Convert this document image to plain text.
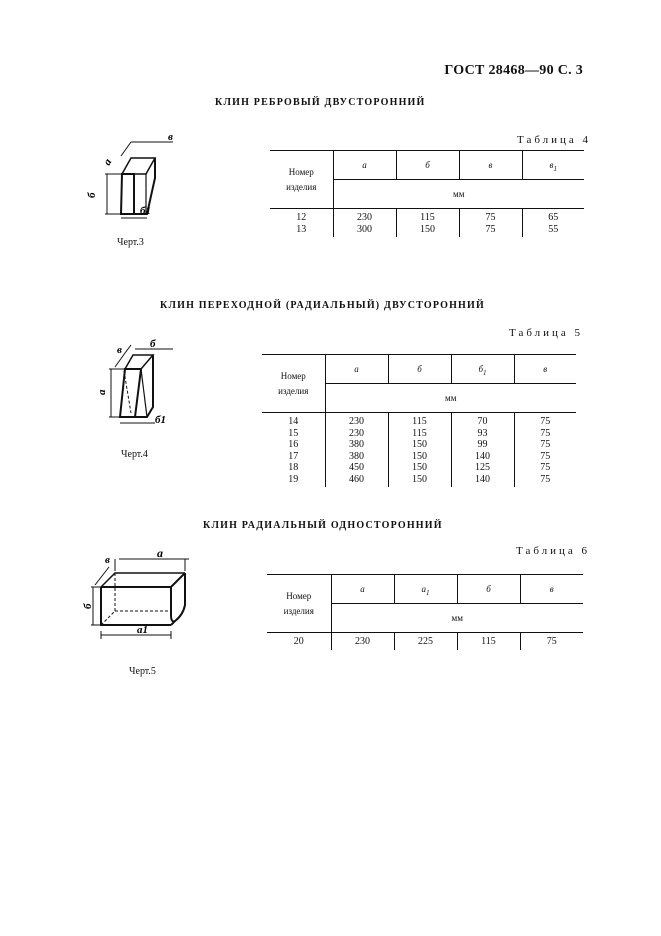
ГОСТ 28468—90 С. 3
КЛИН РЕБРОВЫЙ ДВУСТОРОННИЙ
в
a
б
б1
Черт.3
Таблица 4
Номер
изделия	а	б	в	$в_1$
	мм			
12	230	115	75	65
13	300	150	75	55
КЛИН ПЕРЕХОДНОЙ (РАДИАЛЬНЫЙ) ДВУСТОРОННИЙ
в	б
a
б1
Черт.4
Таблица 5
Номер
изделия	а	б	$б_1$	в
	мм			
14	230	115	70	75
15	230	115	93	75
16	380	150	99	75
17	380	150	140	75
18	450	150	125	75
19	460	150	140	75
КЛИН РАДИАЛЬНЫЙ ОДНОСТОРОННИЙ
в	a
б
a1
Черт.5
Таблица 6
Номер
изделия	а	$а_1$	б	в
	мм			
20	230	225	115	75
